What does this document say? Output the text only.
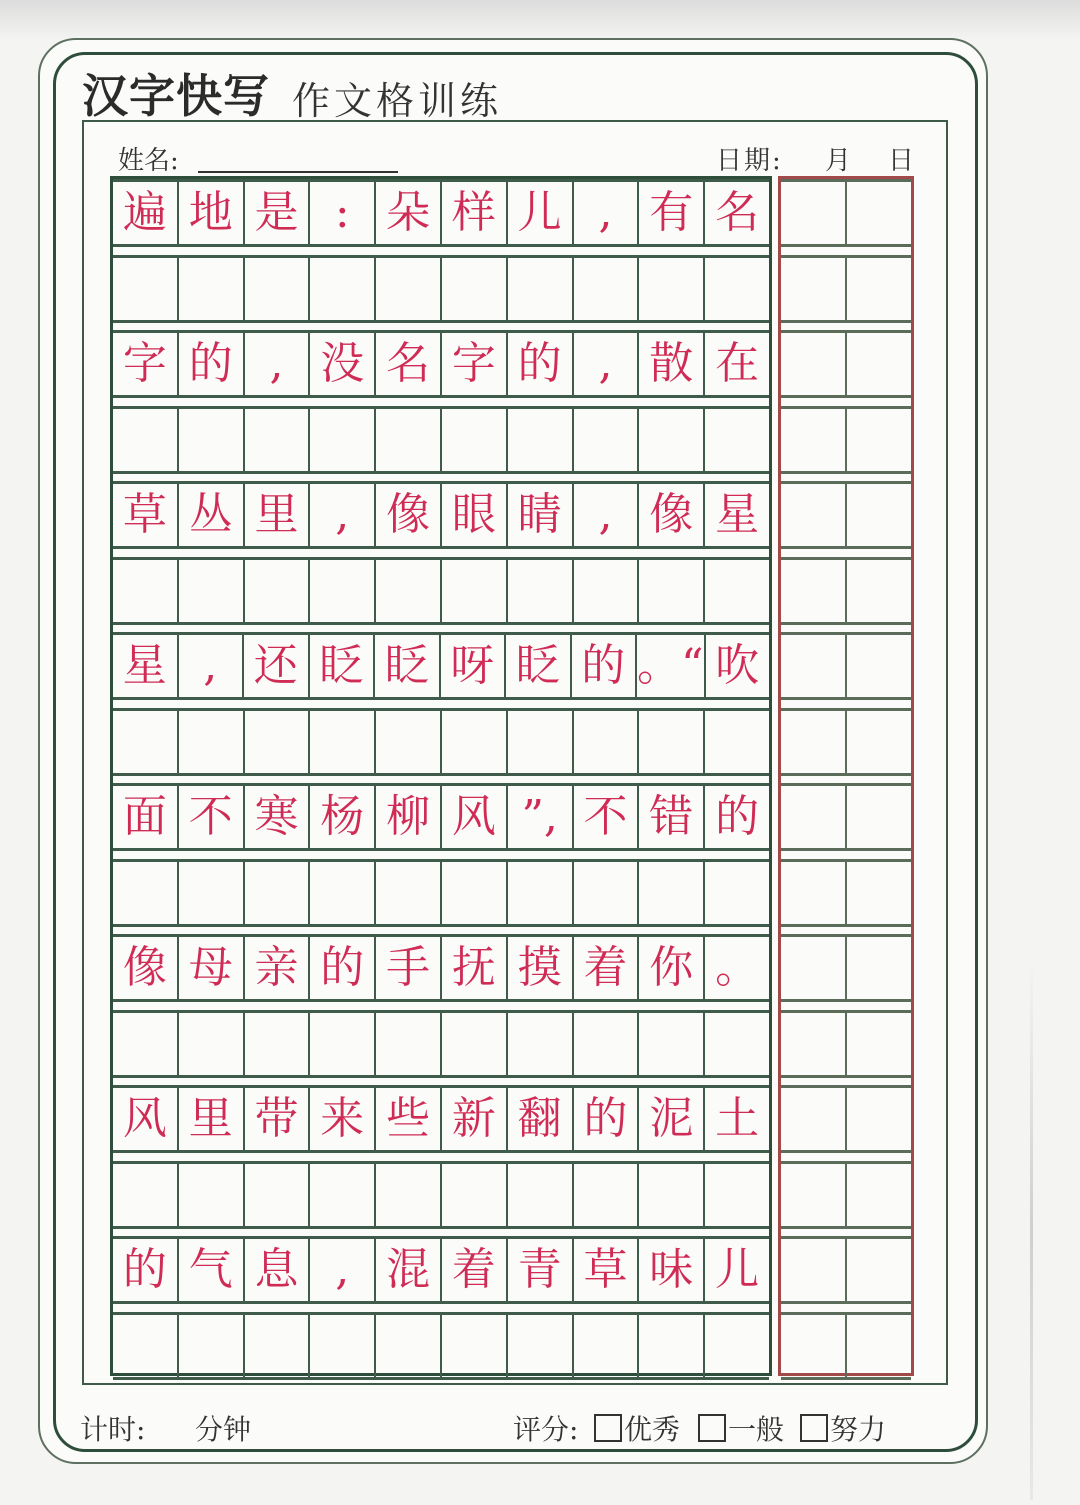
汉字快写 作文格训练
姓名:	日期: 月 日
遍 地 是 : 朵 样 儿 , 有 名
字 的 , 没 名 字 的 , 散 在
草 丛 里 , 像 眼 睛 , 像 星
星 , 还 眨 眨 呀 眨 的 。“ 吹
面 不 寒 杨 柳 风 ”, 不 错 的
像 母 亲 的 手 抚 摸 着 你 。
风 里 带 来 些 新 翻 的 泥 土
的 气 息 , 混 着 青 草 味 儿
计时: 分钟	评分: 优秀 一般 努力
